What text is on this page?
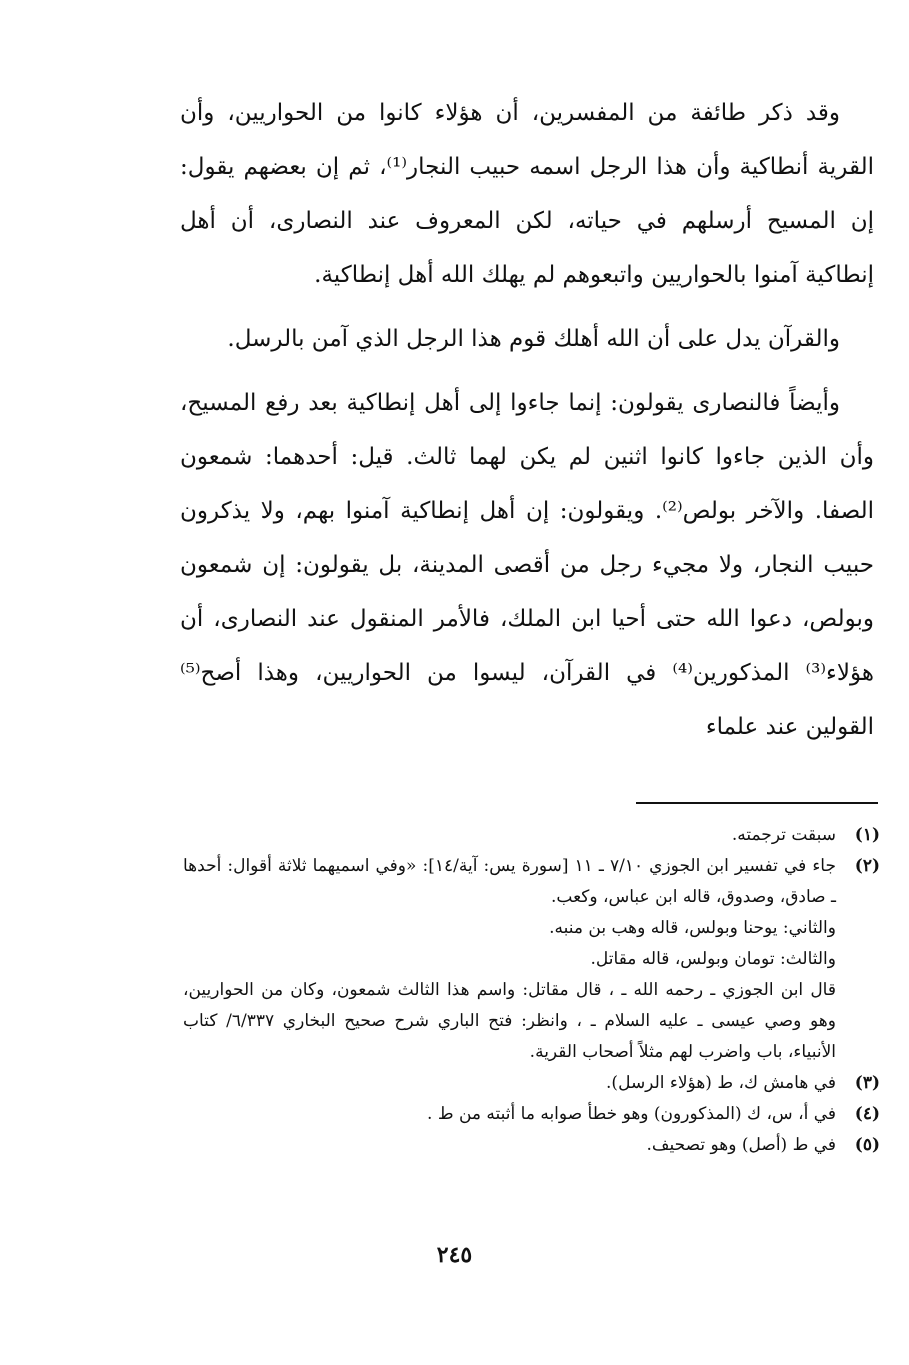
وقد ذكر طائفة من المفسرين، أن هؤلاء كانوا من الحواريين، وأن القرية أنطاكية وأن هذا الرجل اسمه حبيب النجار⁽¹⁾، ثم إن بعضهم يقول: إن المسيح أرسلهم في حياته، لكن المعروف عند النصارى، أن أهل إنطاكية آمنوا بالحواريين واتبعوهم لم يهلك الله أهل إنطاكية.

والقرآن يدل على أن الله أهلك قوم هذا الرجل الذي آمن بالرسل.

وأيضاً فالنصارى يقولون: إنما جاءوا إلى أهل إنطاكية بعد رفع المسيح، وأن الذين جاءوا كانوا اثنين لم يكن لهما ثالث. قيل: أحدهما: شمعون الصفا. والآخر بولص⁽²⁾. ويقولون: إن أهل إنطاكية آمنوا بهم، ولا يذكرون حبيب النجار، ولا مجيء رجل من أقصى المدينة، بل يقولون: إن شمعون وبولص، دعوا الله حتى أحيا ابن الملك، فالأمر المنقول عند النصارى، أن هؤلاء⁽³⁾ المذكورين⁽⁴⁾ في القرآن، ليسوا من الحواريين، وهذا أصح⁽⁵⁾ القولين عند علماء

(١)
سبقت ترجمته.
(٢)
جاء في تفسير ابن الجوزي ٧/١٠ ـ ١١ [سورة يس: آية/١٤]: «وفي اسميهما ثلاثة أقوال: أحدها ـ صادق، وصدوق، قاله ابن عباس، وكعب.
والثاني: يوحنا وبولس، قاله وهب بن منبه.
والثالث: تومان وبولس، قاله مقاتل.
قال ابن الجوزي ـ رحمه الله ـ ، قال مقاتل: واسم هذا الثالث شمعون، وكان من الحواريين، وهو وصي عيسى ـ عليه السلام ـ ، وانظر: فتح الباري شرح صحيح البخاري ٦/٣٣٧/ كتاب الأنبياء، باب واضرب لهم مثلاً أصحاب القرية.
(٣)
في هامش ك، ط (هؤلاء الرسل).
(٤)
في أ، س، ك (المذكورون) وهو خطأ صوابه ما أثبته من ط .
(٥)
في ط (أصل) وهو تصحيف.
٢٤٥
